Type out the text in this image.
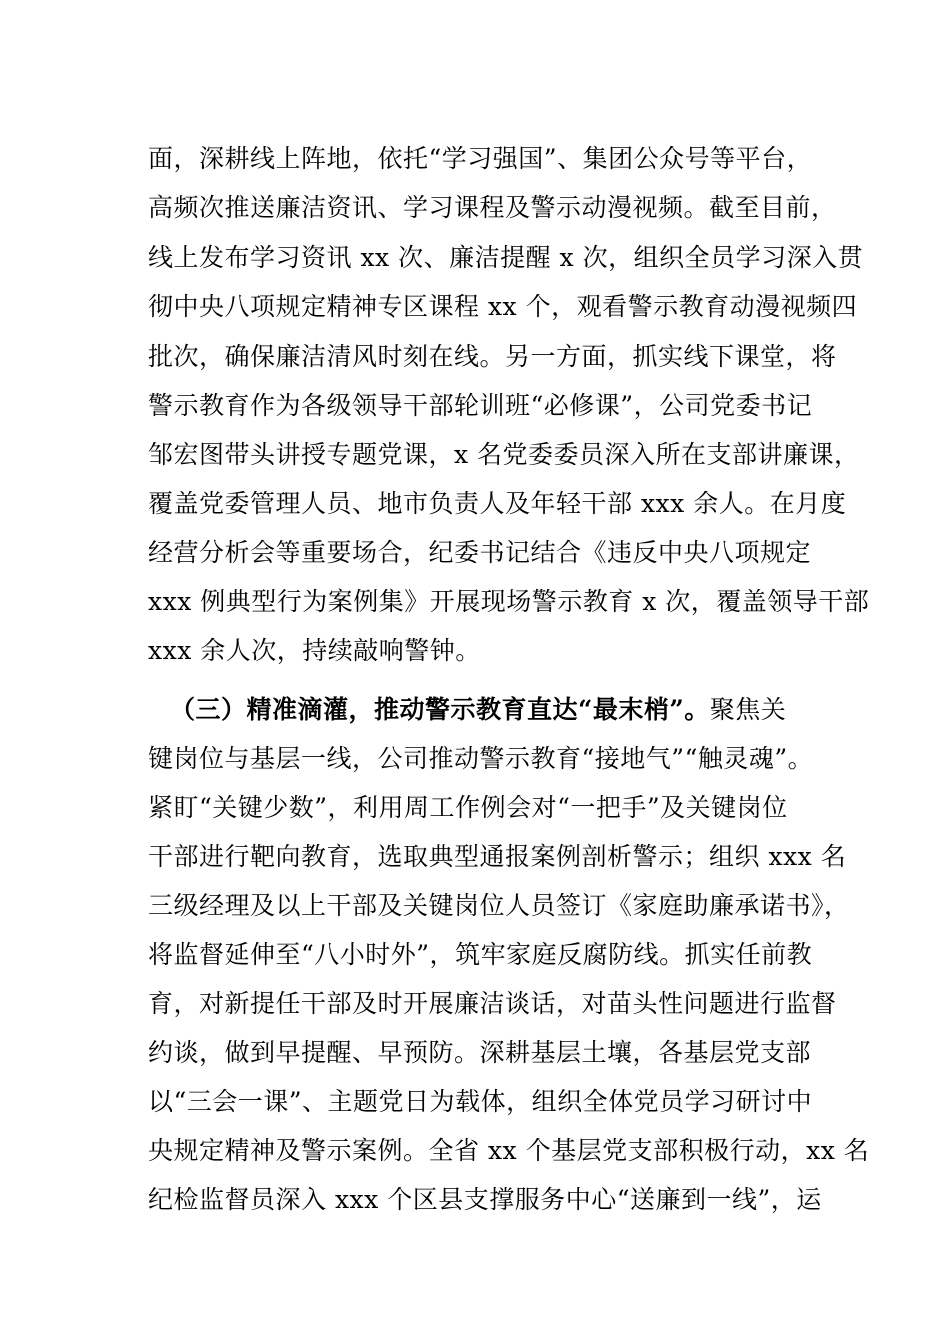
面，深耕线上阵地，依托“学习强国”、集团公众号等平台，
高频次推送廉洁资讯、学习课程及警示动漫视频。截至目前，
线上发布学习资讯 xx 次、廉洁提醒 x 次，组织全员学习深入贯
彻中央八项规定精神专区课程 xx 个，观看警示教育动漫视频四
批次，确保廉洁清风时刻在线。另一方面，抓实线下课堂，将
警示教育作为各级领导干部轮训班“必修课”，公司党委书记
邹宏图带头讲授专题党课，x 名党委委员深入所在支部讲廉课，
覆盖党委管理人员、地市负责人及年轻干部 xxx 余人。在月度
经营分析会等重要场合，纪委书记结合《违反中央八项规定
xxx 例典型行为案例集》开展现场警示教育 x 次，覆盖领导干部
xxx 余人次，持续敲响警钟。
（三）精准滴灌，推动警示教育直达“最末梢”。聚焦关
键岗位与基层一线，公司推动警示教育“接地气”“触灵魂”。
紧盯“关键少数”，利用周工作例会对“一把手”及关键岗位
干部进行靶向教育，选取典型通报案例剖析警示；组织 xxx 名
三级经理及以上干部及关键岗位人员签订《家庭助廉承诺书》，
将监督延伸至“八小时外”，筑牢家庭反腐防线。抓实任前教
育，对新提任干部及时开展廉洁谈话，对苗头性问题进行监督
约谈，做到早提醒、早预防。深耕基层土壤，各基层党支部
以“三会一课”、主题党日为载体，组织全体党员学习研讨中
央规定精神及警示案例。全省 xx 个基层党支部积极行动，xx 名
纪检监督员深入 xxx 个区县支撑服务中心“送廉到一线”，运
